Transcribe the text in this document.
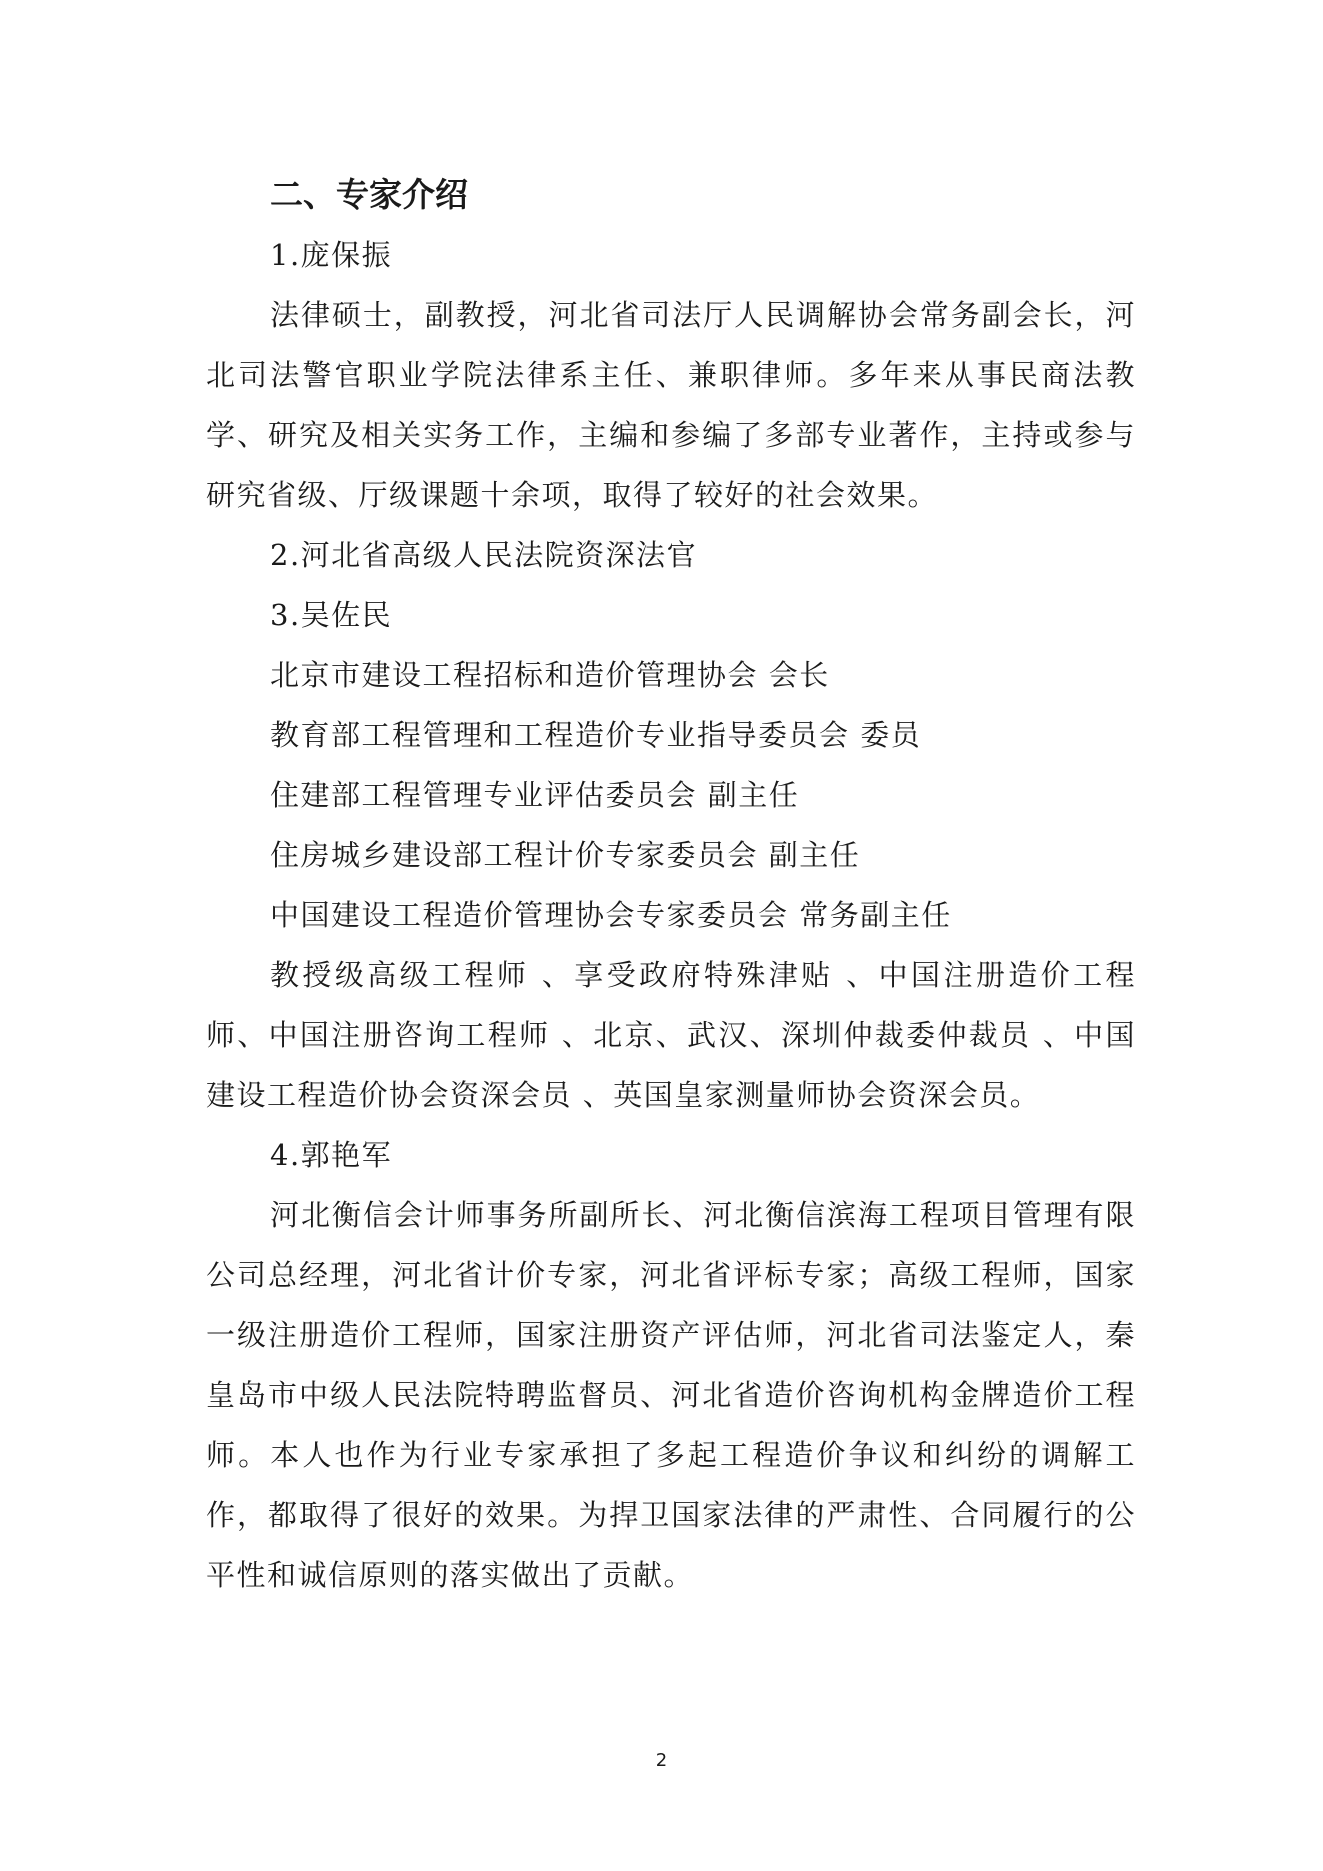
二、专家介绍

1.庞保振

法律硕士，副教授，河北省司法厅人民调解协会常务副会长，河北司法警官职业学院法律系主任、兼职律师。多年来从事民商法教学、研究及相关实务工作，主编和参编了多部专业著作，主持或参与研究省级、厅级课题十余项，取得了较好的社会效果。

2.河北省高级人民法院资深法官

3.吴佐民

北京市建设工程招标和造价管理协会 会长

教育部工程管理和工程造价专业指导委员会 委员

住建部工程管理专业评估委员会 副主任

住房城乡建设部工程计价专家委员会 副主任

中国建设工程造价管理协会专家委员会 常务副主任

教授级高级工程师 、享受政府特殊津贴 、中国注册造价工程师、中国注册咨询工程师 、北京、武汉、深圳仲裁委仲裁员 、中国建设工程造价协会资深会员 、英国皇家测量师协会资深会员。

4.郭艳军

河北衡信会计师事务所副所长、河北衡信滨海工程项目管理有限公司总经理，河北省计价专家，河北省评标专家；高级工程师，国家一级注册造价工程师，国家注册资产评估师，河北省司法鉴定人，秦皇岛市中级人民法院特聘监督员、河北省造价咨询机构金牌造价工程师。本人也作为行业专家承担了多起工程造价争议和纠纷的调解工作，都取得了很好的效果。为捍卫国家法律的严肃性、合同履行的公平性和诚信原则的落实做出了贡献。

2
